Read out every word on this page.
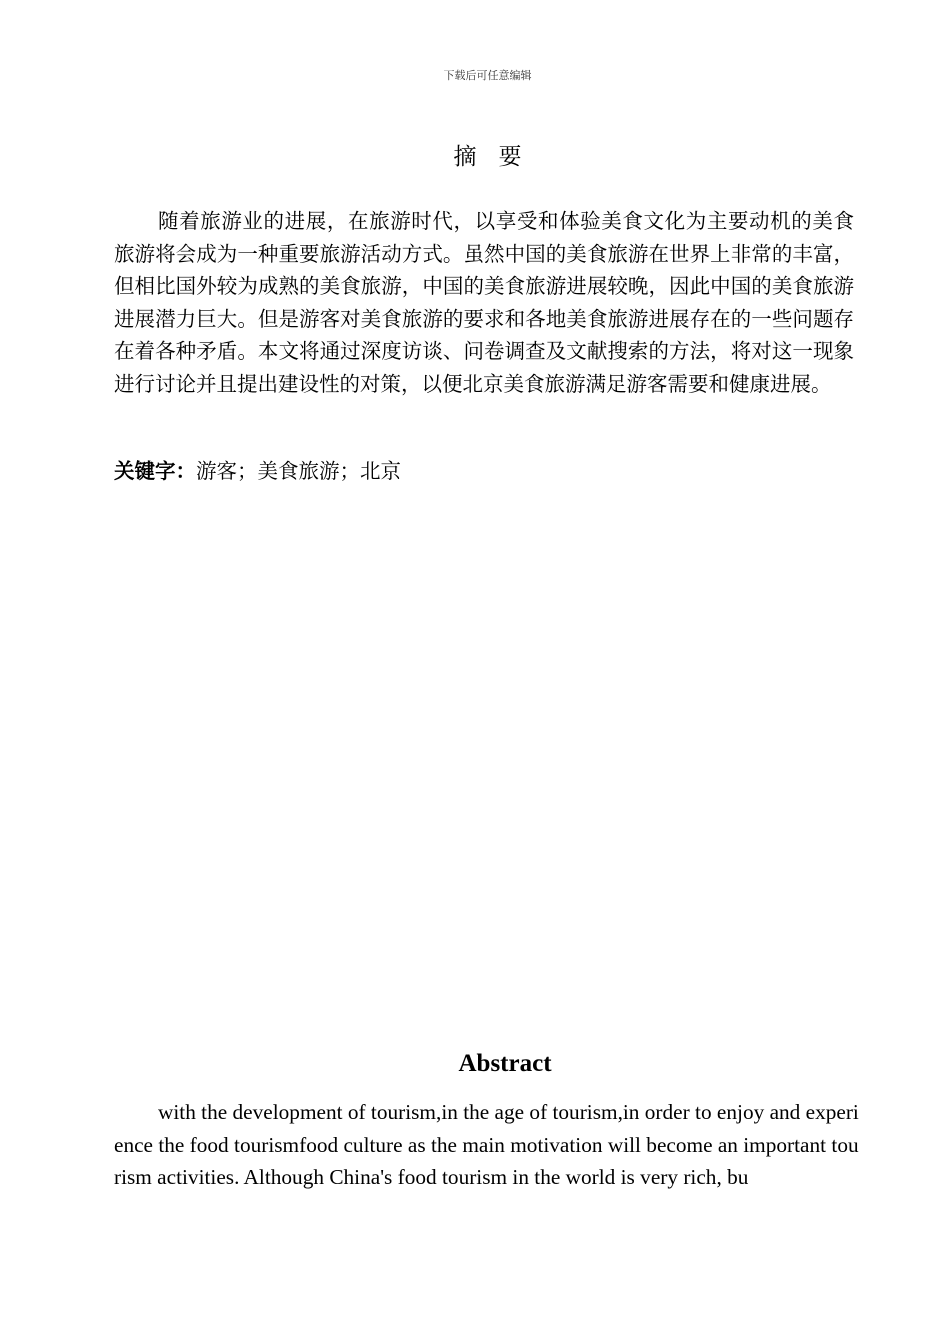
下载后可任意编辑
摘要

随着旅游业的进展，在旅游时代，以享受和体验美食文化为主要动机的美食旅游将会成为一种重要旅游活动方式。虽然中国的美食旅游在世界上非常的丰富，但相比国外较为成熟的美食旅游，中国的美食旅游进展较晚，因此中国的美食旅游进展潜力巨大。但是游客对美食旅游的要求和各地美食旅游进展存在的一些问题存在着各种矛盾。本文将通过深度访谈、问卷调查及文献搜索的方法，将对这一现象进行讨论并且提出建设性的对策，以便北京美食旅游满足游客需要和健康进展。

关键字：游客；美食旅游；北京

Abstract

with the development of tourism,in the age of tourism,in order to enjoy and experience the food tourismfood culture as the main motivation will become an important tourism activities. Although China's food tourism in the world is very rich, bu
